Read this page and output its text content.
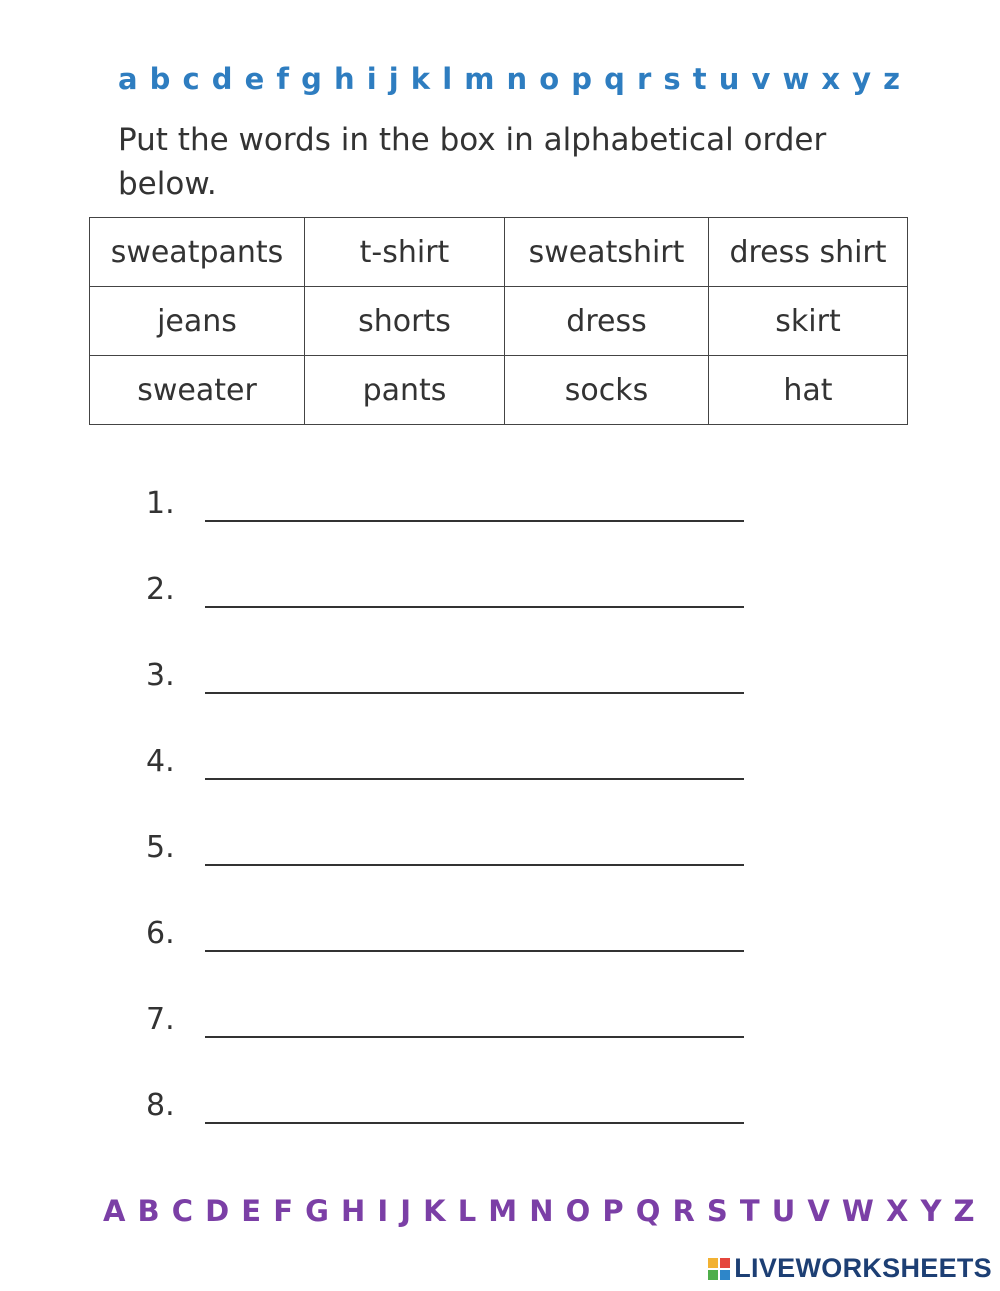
a b c d e f g h i j k l m n o p q r s t u v w x y z
Put the words in the box in alphabetical order below.
sweatpants	t-shirt	sweatshirt	dress shirt
jeans	shorts	dress	skirt
sweater	pants	socks	hat
1.
2.
3.
4.
5.
6.
7.
8.
A B C D E F G H I J K L M N O P Q R S T U V W X Y Z
LIVEWORKSHEETS
